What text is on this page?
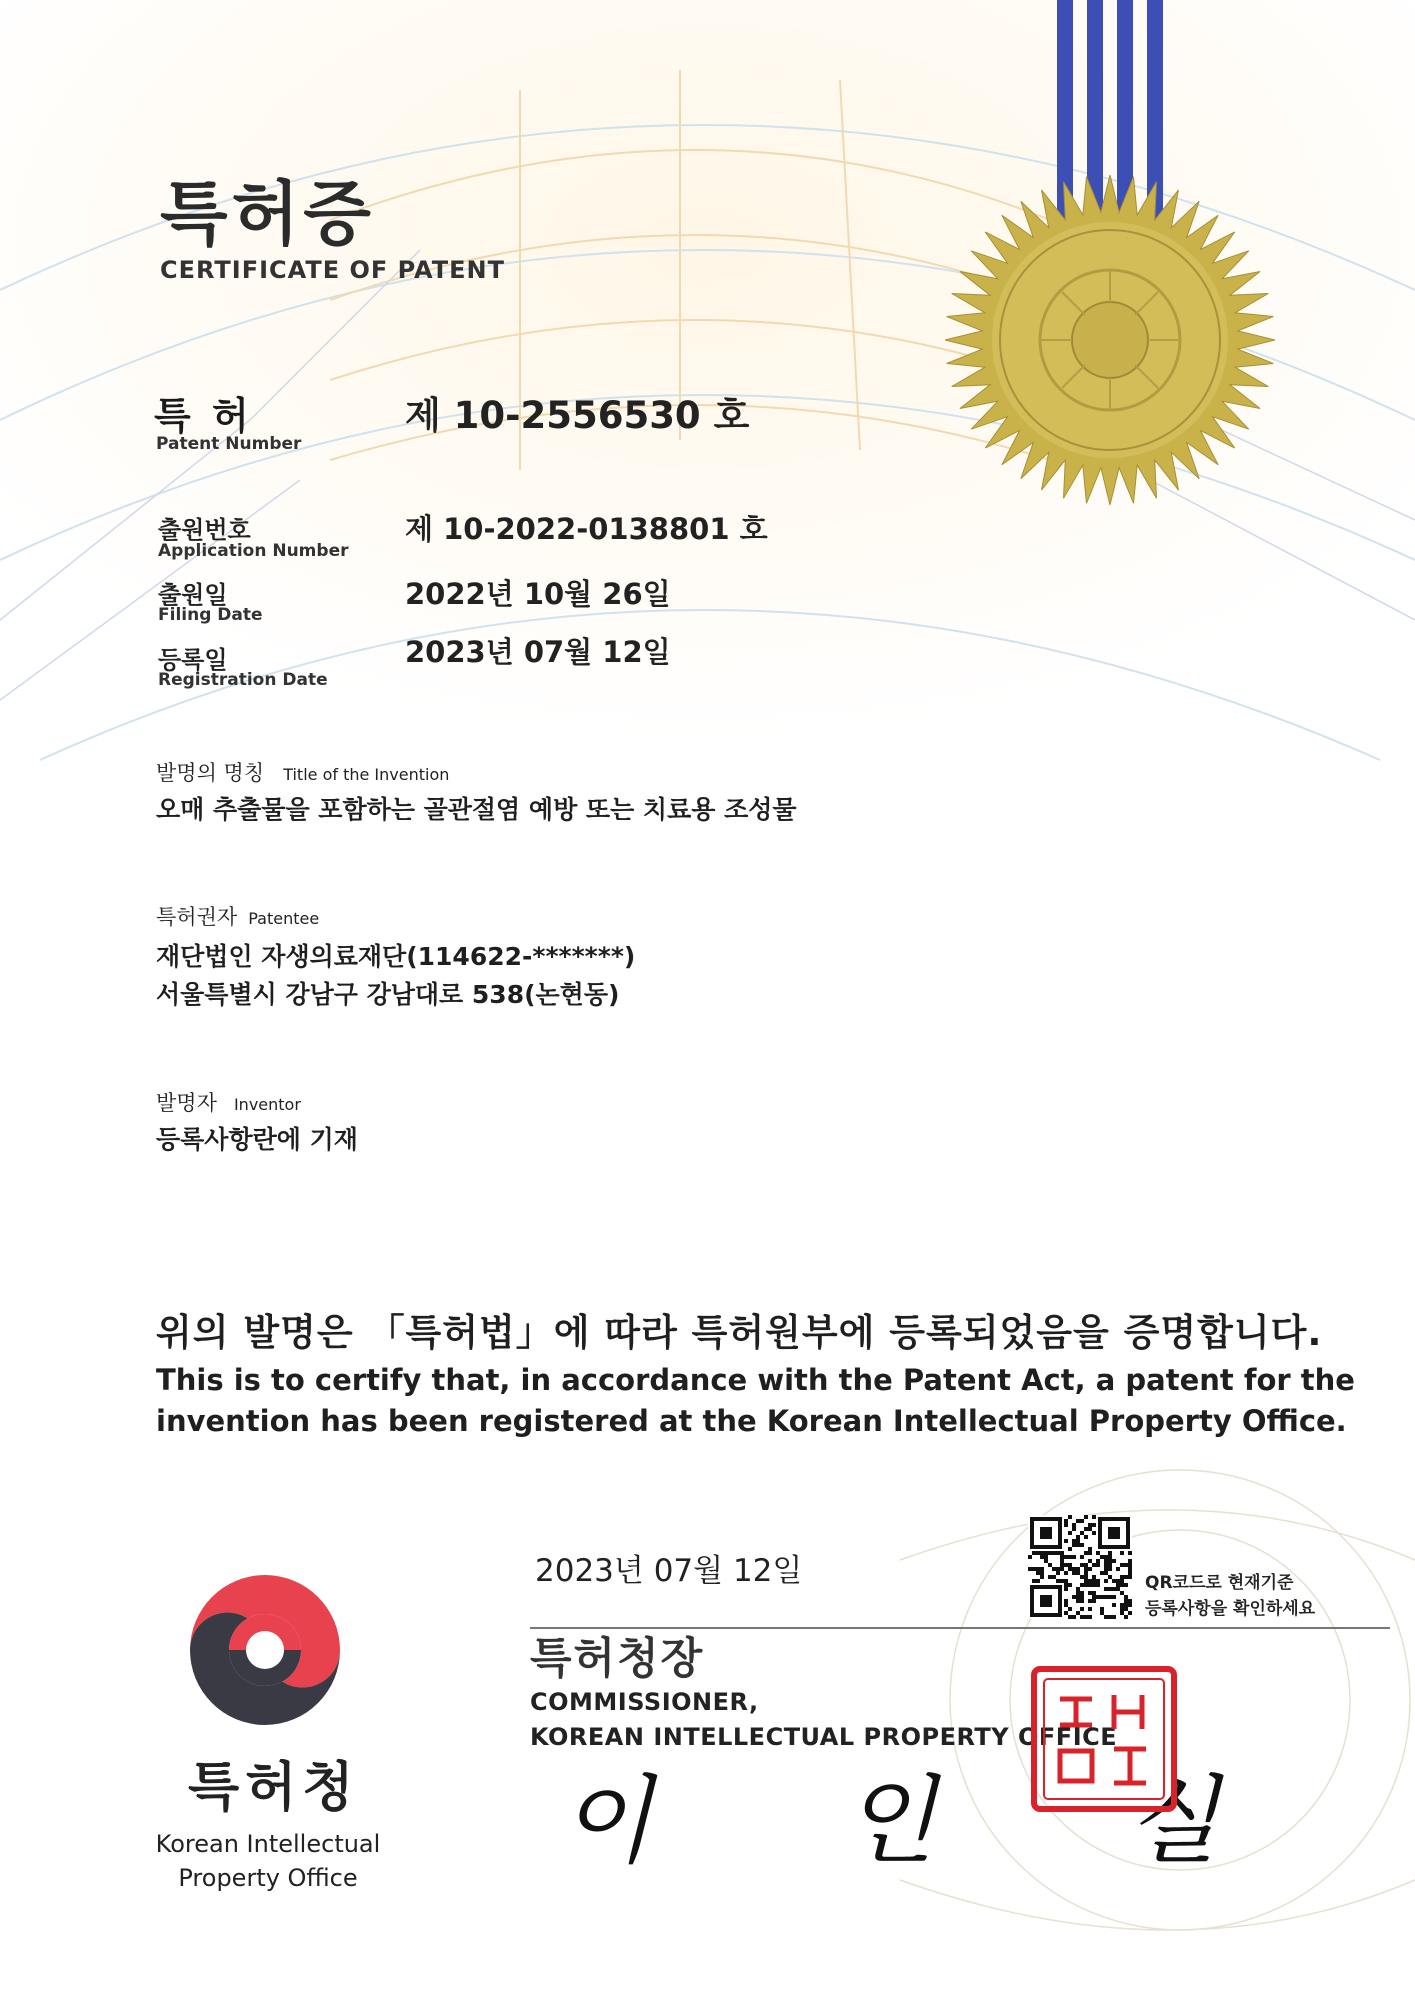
특허증
CERTIFICATE OF PATENT
특 허
Patent Number
제 10-2556530 호
출원번호
Application Number
제 10-2022-0138801 호
출원일
Filing Date
2022년 10월 26일
등록일
Registration Date
2023년 07월 12일
발명의 명칭 Title of the Invention
오매 추출물을 포함하는 골관절염 예방 또는 치료용 조성물
특허권자 Patentee
재단법인 자생의료재단(114622-*******)
서울특별시 강남구 강남대로 538(논현동)
발명자 Inventor
등록사항란에 기재
위의 발명은 「특허법」에 따라 특허원부에 등록되었음을 증명합니다.
This is to certify that, in accordance with the Patent Act, a patent for the
invention has been registered at the Korean Intellectual Property Office.
2023년 07월 12일
특허청장
COMMISSIONER,
KOREAN INTELLECTUAL PROPERTY OFFICE
이 인 실
특허청
Korean Intellectual
Property Office
QR코드로 현재기준
등록사항을 확인하세요
